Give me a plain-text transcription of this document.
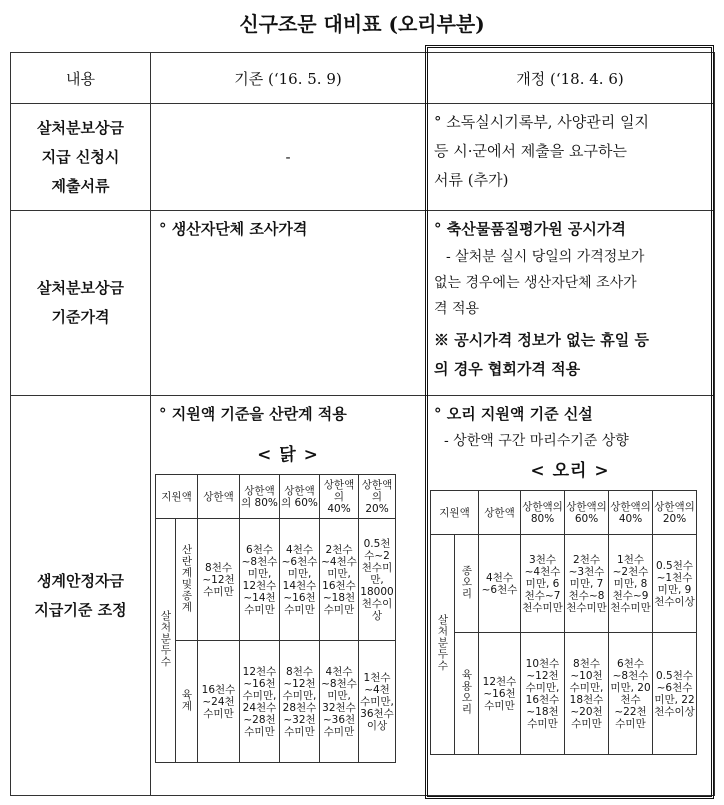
신구조문 대비표 (오리부분)
내용	기존 (‘16. 5. 9)	개정 (‘18. 4. 6)

살처분보상금
지급 신청시
제출서류
	-	
° 소독실시기록부, 사양관리 일지
등 시·군에서 제출을 요구하는
서류 (추가)

살처분보상금
기준가격

° 생산자단체 조사가격	° 축산물품질평가원 공시가격
- 살처분 실시 당일의 가격정보가
없는 경우에는 생산자단체 조사가
격 적용
※ 공시가격 정보가 없는 휴일 등
의 경우 협회가격 적용

생계안정자금
지급기준 조정

° 지원액 기준을 산란계 적용
< 닭 >
지원액	상한액	상한액의 80%	상한액의 60%	상한액의 40%	상한액의 20%
살처분두수	산란계및종계	8천수~12천수미만	6천수~8천수미만, 12천수~14천수미만	4천수~6천수미만, 14천수~16천수미만	2천수~4천수미만, 16천수~18천수미만	0.5천수~2천수미만, 18000천수이상
육계	16천수~24천수미만	12천수~16천수미만, 24천수~28천수미만	8천수~12천수미만, 28천수~32천수미만	4천수~8천수미만, 32천수~36천수미만	1천수~4천수미만, 36천수이상

° 오리 지원액 기준 신설
- 상한액 구간 마리수기준 상향
< 오리 >
지원액	상한액	상한액의 80%	상한액의 60%	상한액의 40%	상한액의 20%
살처분두수	종오리	4천수~6천수	3천수~4천수미만, 6천수~7천수미만	2천수~3천수미만, 7천수~8천수미만	1천수~2천수미만, 8천수~9천수미만	0.5천수~1천수미만, 9천수이상
육용오리	12천수~16천수미만	10천수~12천수미만, 16천수~18천수미만	8천수~10천수미만, 18천수~20천수미만	6천수~8천수미만, 20천수~22천수미만	0.5천수~6천수미만, 22천수이상
